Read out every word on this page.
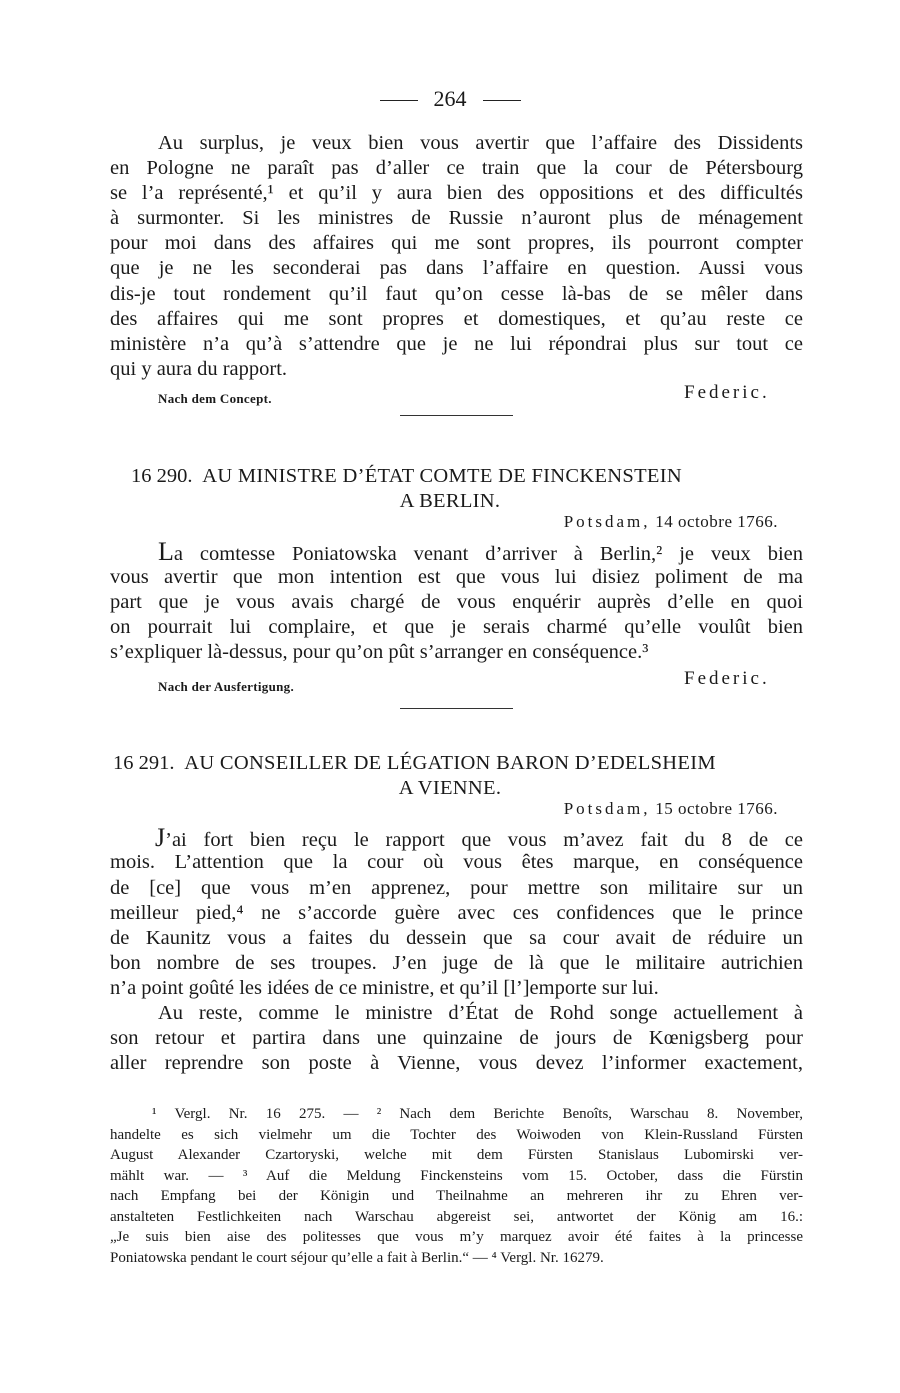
264
Au surplus, je veux bien vous avertir que l’affaire des Dissidents
en Pologne ne paraît pas d’aller ce train que la cour de Pétersbourg
se l’a représenté,¹ et qu’il y aura bien des oppositions et des difficultés
à surmonter. Si les ministres de Russie n’auront plus de ménagement
pour moi dans des affaires qui me sont propres, ils pourront compter
que je ne les seconderai pas dans l’affaire en question. Aussi vous
dis-je tout rondement qu’il faut qu’on cesse là-bas de se mêler dans
des affaires qui me sont propres et domestiques, et qu’au reste ce
ministère n’a qu’à s’attendre que je ne lui répondrai plus sur tout ce
qui y aura du rapport.
Nach dem Concept.	Federic.
16 290. AU MINISTRE D’ÉTAT COMTE DE FINCKENSTEIN
A BERLIN.
Potsdam, 14 octobre 1766.
La comtesse Poniatowska venant d’arriver à Berlin,² je veux bien
vous avertir que mon intention est que vous lui disiez poliment de ma
part que je vous avais chargé de vous enquérir auprès d’elle en quoi
on pourrait lui complaire, et que je serais charmé qu’elle voulût bien
s’expliquer là-dessus, pour qu’on pût s’arranger en conséquence.³
Nach der Ausfertigung.	Federic.
16 291. AU CONSEILLER DE LÉGATION BARON D’EDELSHEIM
A VIENNE.
Potsdam, 15 octobre 1766.
J’ai fort bien reçu le rapport que vous m’avez fait du 8 de ce
mois. L’attention que la cour où vous êtes marque, en conséquence
de [ce] que vous m’en apprenez, pour mettre son militaire sur un
meilleur pied,⁴ ne s’accorde guère avec ces confidences que le prince
de Kaunitz vous a faites du dessein que sa cour avait de réduire un
bon nombre de ses troupes. J’en juge de là que le militaire autrichien
n’a point goûté les idées de ce ministre, et qu’il [l’]emporte sur lui.
Au reste, comme le ministre d’État de Rohd songe actuellement à
son retour et partira dans une quinzaine de jours de Kœnigsberg pour
aller reprendre son poste à Vienne, vous devez l’informer exactement,
¹ Vergl. Nr. 16 275. — ² Nach dem Berichte Benoîts, Warschau 8. November,
handelte es sich vielmehr um die Tochter des Woiwoden von Klein-Russland Fürsten
August Alexander Czartoryski, welche mit dem Fürsten Stanislaus Lubomirski ver-
mählt war. — ³ Auf die Meldung Finckensteins vom 15. October, dass die Fürstin
nach Empfang bei der Königin und Theilnahme an mehreren ihr zu Ehren ver-
anstalteten Festlichkeiten nach Warschau abgereist sei, antwortet der König am 16.:
„Je suis bien aise des politesses que vous m’y marquez avoir été faites à la princesse
Poniatowska pendant le court séjour qu’elle a fait à Berlin.“ — ⁴ Vergl. Nr. 16279.
